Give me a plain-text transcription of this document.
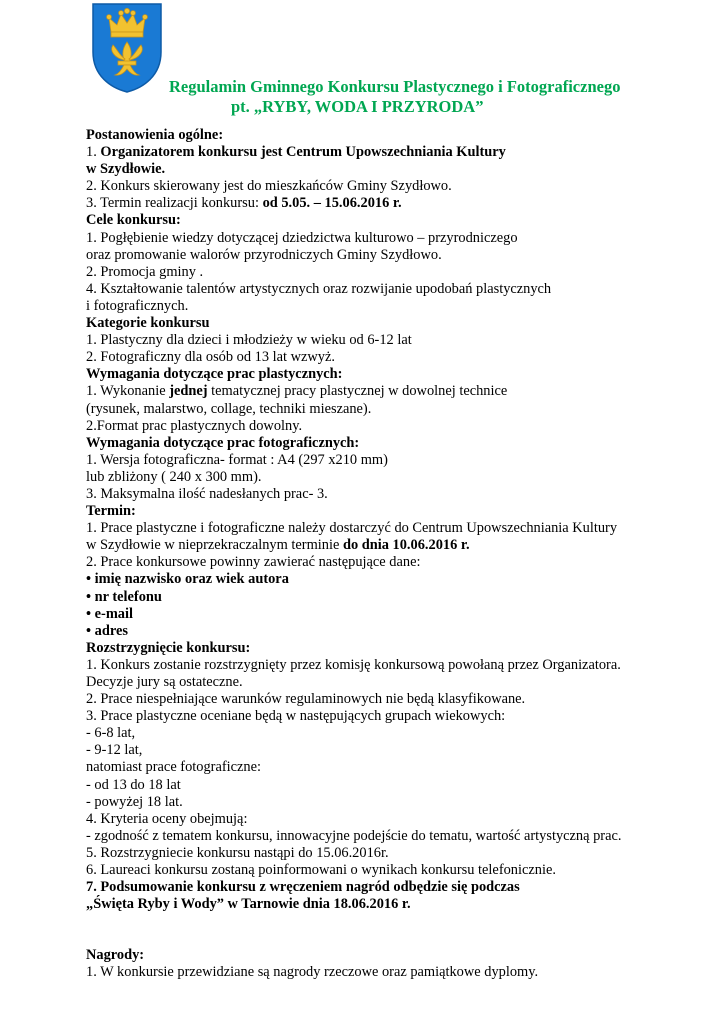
Regulamin Gminnego Konkursu Plastycznego i Fotograficznego
pt. „RYBY, WODA I PRZYRODA”
Postanowienia ogólne:
1. Organizatorem konkursu jest Centrum Upowszechniania Kultury
w Szydłowie.
2. Konkurs skierowany jest do mieszkańców Gminy Szydłowo.
3. Termin realizacji konkursu: od 5.05. – 15.06.2016 r.
Cele konkursu:
1. Pogłębienie wiedzy dotyczącej dziedzictwa kulturowo – przyrodniczego
oraz promowanie walorów przyrodniczych Gminy Szydłowo.
2. Promocja gminy .
4. Kształtowanie talentów artystycznych oraz rozwijanie upodobań plastycznych
i fotograficznych.
Kategorie konkursu
1. Plastyczny dla dzieci i młodzieży w wieku od 6-12 lat
2. Fotograficzny dla osób od 13 lat wzwyż.
Wymagania dotyczące prac plastycznych:
1. Wykonanie jednej tematycznej pracy plastycznej w dowolnej technice
(rysunek, malarstwo, collage, techniki mieszane).
2.Format prac plastycznych dowolny.
Wymagania dotyczące prac fotograficznych:
1. Wersja fotograficzna- format : A4 (297 x210 mm)
lub zbliżony ( 240 x 300 mm).
3. Maksymalna ilość nadesłanych prac- 3.
Termin:
1. Prace plastyczne i fotograficzne należy dostarczyć do Centrum Upowszechniania Kultury
w Szydłowie w nieprzekraczalnym terminie do dnia 10.06.2016 r.
2. Prace konkursowe powinny zawierać następujące dane:
• imię nazwisko oraz wiek autora
• nr telefonu
• e-mail
• adres
Rozstrzygnięcie konkursu:
1. Konkurs zostanie rozstrzygnięty przez komisję konkursową powołaną przez Organizatora.
Decyzje jury są ostateczne.
2. Prace niespełniające warunków regulaminowych nie będą klasyfikowane.
3. Prace plastyczne oceniane będą w następujących grupach wiekowych:
- 6-8 lat,
- 9-12 lat,
natomiast prace fotograficzne:
- od 13 do 18 lat
- powyżej 18 lat.
4. Kryteria oceny obejmują:
- zgodność z tematem konkursu, innowacyjne podejście do tematu, wartość artystyczną prac.
5. Rozstrzygniecie konkursu nastąpi do 15.06.2016r.
6. Laureaci konkursu zostaną poinformowani o wynikach konkursu telefonicznie.
7. Podsumowanie konkursu z wręczeniem nagród odbędzie się podczas
„Święta Ryby i Wody” w Tarnowie dnia 18.06.2016 r.
Nagrody:
1. W konkursie przewidziane są nagrody rzeczowe oraz pamiątkowe dyplomy.
